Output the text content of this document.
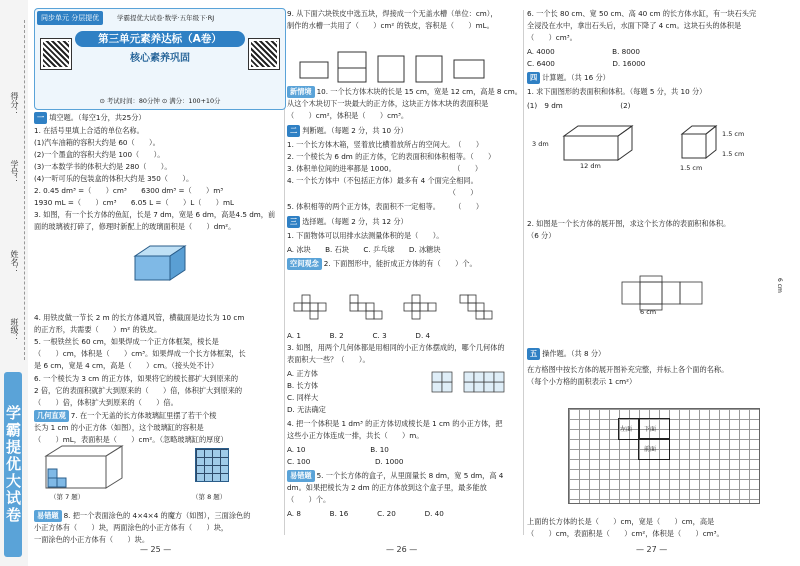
得分：
学号：
姓名：
班级：
学霸提优大试卷
同步单元 分层提优	学霸提优大试卷·数学·五年级下·RJ
第三单元素养达标（A卷）
核心素养巩固
⊙ 考试时间：80分钟 ⊙ 满分：100+10分

一 填空题。（每空1分，共25分）

1. 在括号里填上合适的单位名称。

(1)汽车油箱的容积大约是 60（　　）。

(2)一个墨盒的容积大约是 100（　　）。

(3)一本数学书的体积大约是 280（　　）。

(4)一听可乐的包装盒的体积大约是 350（　　）。

2. 0.45 dm³ =（　　）cm³　　6300 dm³ =（　　）m³

1930 mL =（　　）cm³　　6.05 L =（　　）L（　　）mL

3. 如图，有一个长方体的鱼缸，长是 7 dm，宽是 6 dm，高是4.5 dm，前

面的玻璃被打碎了，修理时新配上的玻璃面积是（　　）dm²。

4. 用铁皮做一节长 2 m 的长方体通风管，横截面是边长为 10 cm

的正方形，共需要（　　）m² 的铁皮。

5. 一根铁丝长 60 cm，如果焊成一个正方体框架，棱长是

（　　）cm，体积是（　　）cm³。如果焊成一个长方体框架，长

是 6 cm，宽是 4 cm，高是（　　）cm。（接头处不计）

6. 一个棱长为 3 cm 的正方体，如果将它的棱长都扩大到原来的

2 倍，它的表面积就扩大到原来的（　　）倍，体积扩大到原来的

（　　）倍，体积扩大到原来的（　　）倍。

几何直观 7. 在一个无盖的长方体玻璃缸里摆了若干个棱

长为 1 cm 的小正方体（如图），这个玻璃缸的容积是

（　　）mL，表面积是（　　）cm²。（忽略玻璃缸的厚度）

易错题 8. 把一个表面涂色的 4×4×4 的魔方（如图），三面涂色的

小正方体有（　　）块，两面涂色的小正方体有（　　）块，

一面涂色的小正方体有（　　）块。

（第 7 题）	（第 8 题）

9. 从下面六块铁皮中选五块，焊接成一个无盖水槽（单位：cm），

制作的水槽一共用了（　　）cm² 的铁皮，容积是（　　）mL。

新情境 10. 一个长方体木块的长是 15 cm，宽是 12 cm，高是 8 cm。

从这个木块切下一块最大的正方体，这块正方体木块的表面积是

（　　）cm²，体积是（　　）cm³。

二 判断题。（每题 2 分，共 10 分）

1. 一个长方体木箱，竖着放比横着放所占的空间大。　（　　）

2. 一个棱长为 6 dm 的正方体，它的表面积和体积相等。（　　）

3. 体积单位间的进率都是 1000。　　　　　　　　　（　　）

4. 一个长方体中（不包括正方体）最多有 4 个面完全相同。

　　　　　　　　　　　　　　　　　　　　　　　（　　）

5. 体积相等的两个正方体，表面积不一定相等。　　　（　　）

三 选择题。（每题 2 分，共 12 分）

1. 下面物体可以用排水法测量体积的是（　　）。

A. 冰块　　B. 石块　　C. 乒乓球　　D. 冰糖块

空间观念 2. 下面图形中，能折成正方体的有（　　）个。

A. 1　　　　B. 2　　　　C. 3　　　　D. 4

3. 如图，用两个几何体都是用相同的小正方体摆成的，哪个几何体的

表面积大一些？（　　）。

A. 正方体

B. 长方体

C. 同样大

D. 无法确定

4. 把一个体积是 1 dm³ 的正方体切成棱长是 1 cm 的小正方体，把

这些小正方体连成一排，共长（　　）m。

A. 10　　　　　　　　　B. 10

C. 100　　　　　　　　　D. 1000

易错题 5. 一个长方体的盒子，从里面量长 8 dm，宽 5 dm，高 4

dm。如果把棱长为 2 dm 的正方体放到这个盒子里，最多能放

（　　）个。

A. 8　　　　B. 16　　　　C. 20　　　　D. 40

6. 一个长 80 cm、宽 50 cm、高 40 cm 的长方体水缸，有一块石头完

全浸没在水中，拿出石头后，水面下降了 4 cm。这块石头的体积是

（　　）cm³。

A. 4000　　　　　　　　B. 8000

C. 6400　　　　　　　　D. 16000

四 计算题。（共 16 分）

1. 求下面图形的表面积和体积。（每题 5 分，共 10 分）

(1)　9 dm　　　　　　　　(2)

2. 如图是一个长方体的展开图，求这个长方体的表面积和体积。

（6 分）

五 操作题。（共 8 分）

在方格图中按长方体的展开图补充完整，并标上各个面的名称。

（每个小方格的面积表示 1 cm²）

上面的长方体的长是（　　）cm，宽是（　　）cm，高是

（　　）cm，表面积是（　　）cm²，体积是（　　）cm³。

3 dm
12 dm
1.5 cm
1.5 cm
1.5 cm
6 cm
6 cm
左面 下面
前面
— 25 —	— 26 —	— 27 —
